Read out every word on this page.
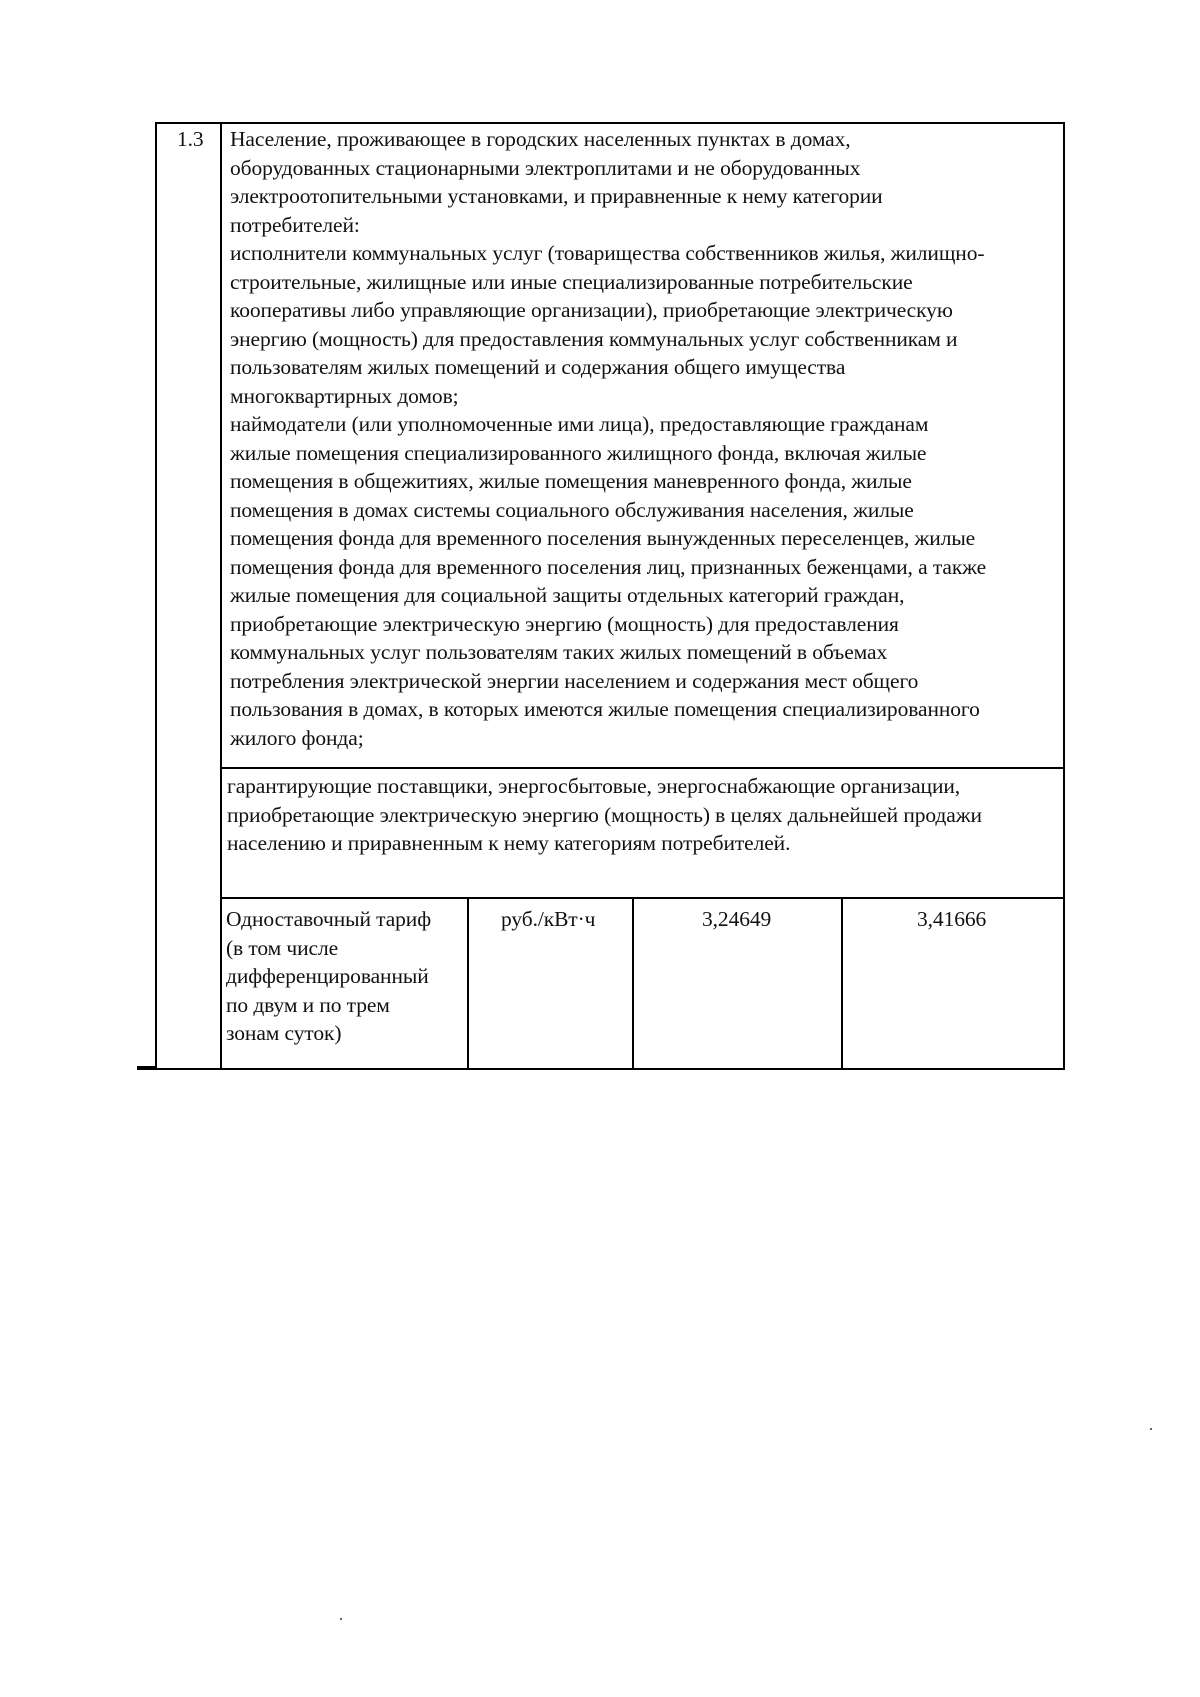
1.3 Население, проживающее в городских населенных пунктах в домах,
оборудованных стационарными электроплитами и не оборудованных
электроотопительными установками, и приравненные к нему категории
потребителей:
исполнители коммунальных услуг (товарищества собственников жилья, жилищно-
строительные, жилищные или иные специализированные потребительские
кооперативы либо управляющие организации), приобретающие электрическую
энергию (мощность) для предоставления коммунальных услуг собственникам и
пользователям жилых помещений и содержания общего имущества
многоквартирных домов;
наймодатели (или уполномоченные ими лица), предоставляющие гражданам
жилые помещения специализированного жилищного фонда, включая жилые
помещения в общежитиях, жилые помещения маневренного фонда, жилые
помещения в домах системы социального обслуживания населения, жилые
помещения фонда для временного поселения вынужденных переселенцев, жилые
помещения фонда для временного поселения лиц, признанных беженцами, а также
жилые помещения для социальной защиты отдельных категорий граждан,
приобретающие электрическую энергию (мощность) для предоставления
коммунальных услуг пользователям таких жилых помещений в объемах
потребления электрической энергии населением и содержания мест общего
пользования в домах, в которых имеются жилые помещения специализированного
жилого фонда;
гарантирующие поставщики, энергосбытовые, энергоснабжающие организации,
приобретающие электрическую энергию (мощность) в целях дальнейшей продажи
населению и приравненным к нему категориям потребителей.
Одноставочный тариф
(в том числе
дифференцированный
по двум и по трем
зонам суток)
руб./кВт·ч	3,24649	3,41666
